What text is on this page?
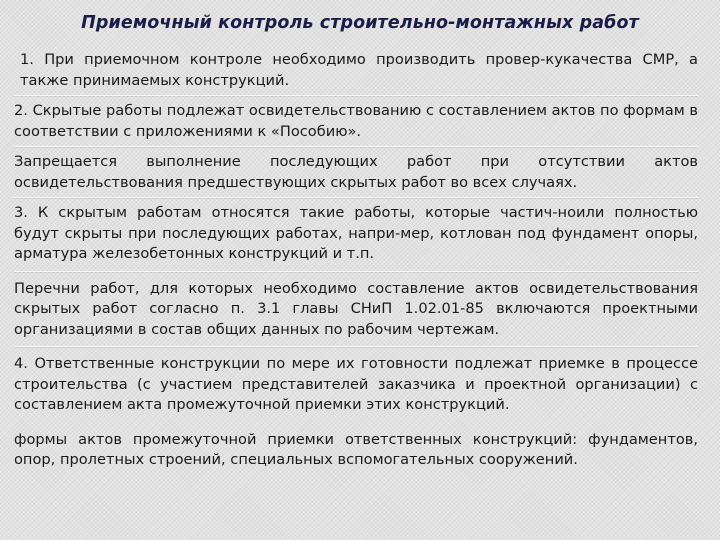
Приемочный контроль строительно-монтажных работ

1. При приемочном контроле необходимо производить провер-кукачества СМР, а также принимаемых конструкций.

2. Скрытые работы подлежат освидетельствованию с составлением актов по формам в соответствии с приложениями к «Пособию».

Запрещается выполнение последующих работ при отсутствии актов освидетельствования предшествующих скрытых работ во всех случаях.

3. К скрытым работам относятся такие работы, которые частич-ноили полностью будут скрыты при последующих работах, напри-мер, котлован под фундамент опоры, арматура железобетонных конструкций и т.п.

Перечни работ, для которых необходимо составление актов освидетельствования скрытых работ согласно п. 3.1 главы СНиП 1.02.01-85 включаются проектными организациями в состав общих данных по рабочим чертежам.

4. Ответственные конструкции по мере их готовности подлежат приемке в процессе строительства (с участием представителей заказчика и проектной организации) с составлением акта промежуточной приемки этих конструкций.

формы актов промежуточной приемки ответственных конструкций: фундаментов, опор, пролетных строений, специальных вспомогательных сооружений.
